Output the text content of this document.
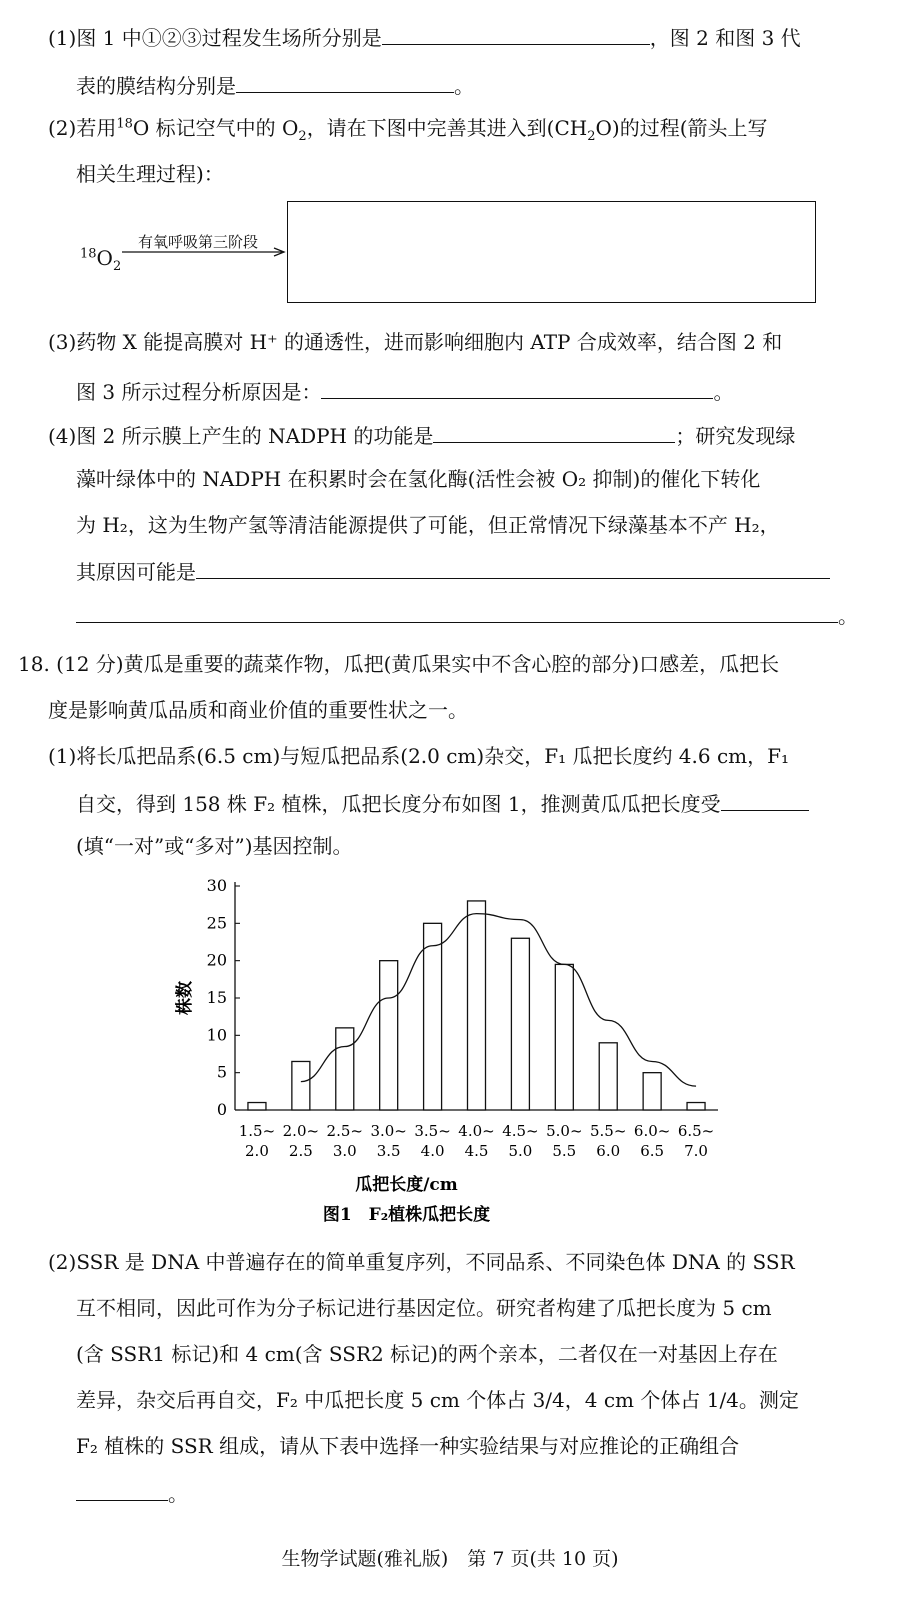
(1)图 1 中①②③过程发生场所分别是	，图 2 和图 3 代
表的膜结构分别是	。
(2)若用$^{18}$O 标记空气中的 $O_2$，请在下图中完善其进入到$(CH_2O)$的过程(箭头上写
相关生理过程)：
$^{18}O_2$
有氧呼吸第三阶段
(3)药物 X 能提高膜对 H⁺ 的通透性，进而影响细胞内 ATP 合成效率，结合图 2 和
图 3 所示过程分析原因是：	。
(4)图 2 所示膜上产生的 NADPH 的功能是	；研究发现绿
藻叶绿体中的 NADPH 在积累时会在氢化酶(活性会被 O₂ 抑制)的催化下转化
为 H₂，这为生物产氢等清洁能源提供了可能，但正常情况下绿藻基本不产 H₂，
其原因可能是
。
18. (12 分)黄瓜是重要的蔬菜作物，瓜把(黄瓜果实中不含心腔的部分)口感差，瓜把长
度是影响黄瓜品质和商业价值的重要性状之一。
(1)将长瓜把品系(6.5 cm)与短瓜把品系(2.0 cm)杂交，F₁ 瓜把长度约 4.6 cm，F₁
自交，得到 158 株 F₂ 植株，瓜把长度分布如图 1，推测黄瓜瓜把长度受
(填“一对”或“多对”)基因控制。
0
5
10
15
20
25
30
1.5~
2.0
2.0~
2.5
2.5~
3.0
3.0~
3.5
3.5~
4.0
4.0~
4.5
4.5~
5.0
5.0~
5.5
5.5~
6.0
6.0~
6.5
6.5~
7.0
株数
瓜把长度/cm
图1　F₂植株瓜把长度
(2)SSR 是 DNA 中普遍存在的简单重复序列，不同品系、不同染色体 DNA 的 SSR
互不相同，因此可作为分子标记进行基因定位。研究者构建了瓜把长度为 5 cm
(含 SSR1 标记)和 4 cm(含 SSR2 标记)的两个亲本，二者仅在一对基因上存在
差异，杂交后再自交，F₂ 中瓜把长度 5 cm 个体占 3/4，4 cm 个体占 1/4。测定
F₂ 植株的 SSR 组成，请从下表中选择一种实验结果与对应推论的正确组合
。
生物学试题(雅礼版)　第 7 页(共 10 页)
